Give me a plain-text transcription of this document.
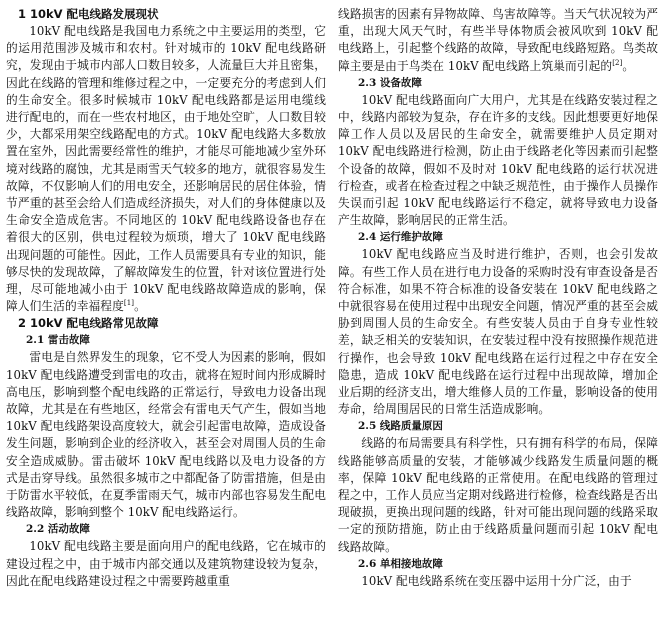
1 10kV 配电线路发展现状

10kV 配电线路是我国电力系统之中主要运用的类型，它的运用范围涉及城市和农村。针对城市的 10kV 配电线路研究，发现由于城市内部人口数目较多，人流量巨大并且密集，因此在线路的管理和维修过程之中，一定要充分的考虑到人们的生命安全。很多时候城市 10kV 配电线路都是运用电缆线进行配电的，而在一些农村地区，由于地处空旷，人口数目较少，大都采用架空线路配电的方式。10kV 配电线路大多数放置在室外，因此需要经常性的维护，才能尽可能地减少室外环境对线路的腐蚀，尤其是雨雪天气较多的地方，就很容易发生故障，不仅影响人们的用电安全，还影响居民的居住体验，情节严重的甚至会给人们造成经济损失，对人们的身体健康以及生命安全造成危害。不同地区的 10kV 配电线路设备也存在着很大的区别，供电过程较为烦琐，增大了 10kV 配电线路出现问题的可能性。因此，工作人员需要具有专业的知识，能够尽快的发现故障，了解故障发生的位置，针对该位置进行处理，尽可能地减小由于 10kV 配电线路故障造成的影响，保障人们生活的幸福程度[1]。

2 10kV 配电线路常见故障
2.1 雷击故障

雷电是自然界发生的现象，它不受人为因素的影响，假如 10kV 配电线路遭受到雷电的攻击，就将在短时间内形成瞬时高电压，影响到整个配电线路的正常运行，导致电力设备出现故障，尤其是在有些地区，经常会有雷电天气产生，假如当地 10kV 配电线路架设高度较大，就会引起雷电故障，造成设备发生问题，影响到企业的经济收入，甚至会对周围人员的生命安全造成威胁。雷击破坏 10kV 配电线路以及电力设备的方式是击穿导线。虽然很多城市之中都配备了防雷措施，但是由于防雷水平较低，在夏季雷雨天气，城市内部也容易发生配电线路故障，影响到整个 10kV 配电线路运行。

2.2 活动故障

10kV 配电线路主要是面向用户的配电线路，它在城市的建设过程之中，由于城市内部交通以及建筑物建设较为复杂，因此在配电线路建设过程之中需要跨越重重

线路损害的因素有异物故障、鸟害故障等。当天气状况较为严重，出现大风天气时，有些半导体物质会被风吹到 10kV 配电线路上，引起整个线路的故障，导致配电线路短路。鸟类故障主要是由于鸟类在 10kV 配电线路上筑巢而引起的[2]。

2.3 设备故障

10kV 配电线路面向广大用户，尤其是在线路安装过程之中，线路内部较为复杂，存在许多的支线。因此想要更好地保障工作人员以及居民的生命安全，就需要维护人员定期对 10kV 配电线路进行检测，防止由于线路老化等因素而引起整个设备的故障，假如不及时对 10kV 配电线路的运行状况进行检查，或者在检查过程之中缺乏规范性，由于操作人员操作失误而引起 10kV 配电线路运行不稳定，就将导致电力设备产生故障，影响居民的正常生活。

2.4 运行维护故障

10kV 配电线路应当及时进行维护，否则，也会引发故障。有些工作人员在进行电力设备的采购时没有审查设备是否符合标准，如果不符合标准的设备安装在 10kV 配电线路之中就很容易在使用过程中出现安全问题，情况严重的甚至会威胁到周围人员的生命安全。有些安装人员由于自身专业性较差，缺乏相关的安装知识，在安装过程中没有按照操作规范进行操作，也会导致 10kV 配电线路在运行过程之中存在安全隐患，造成 10kV 配电线路在运行过程中出现故障，增加企业后期的经济支出，增大维修人员的工作量，影响设备的使用寿命，给周围居民的日常生活造成影响。

2.5 线路质量原因

线路的布局需要具有科学性，只有拥有科学的布局，保障线路能够高质量的安装，才能够减少线路发生质量问题的概率，保障 10kV 配电线路的正常使用。在配电线路的管理过程之中，工作人员应当定期对线路进行检修，检查线路是否出现破损，更换出现问题的线路，针对可能出现问题的线路采取一定的预防措施，防止由于线路质量问题而引起 10kV 配电线路故障。

2.6 单相接地故障

10kV 配电线路系统在变压器中运用十分广泛，由于
